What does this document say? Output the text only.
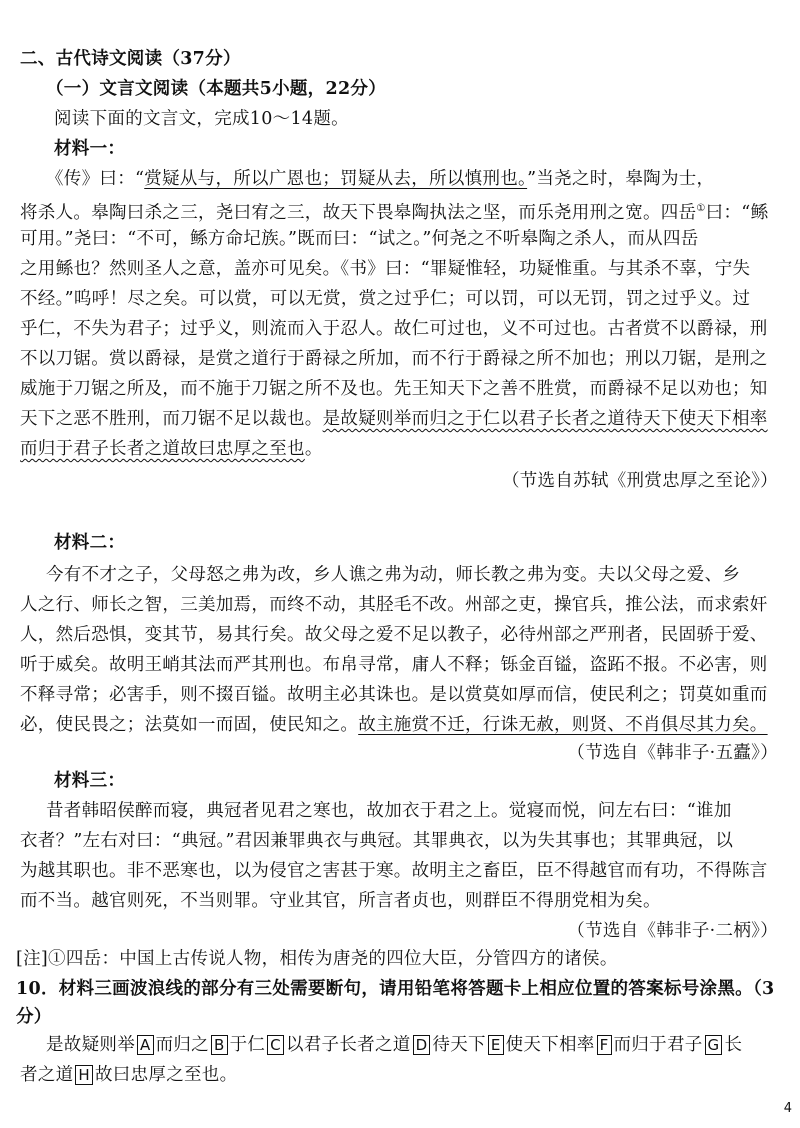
二、古代诗文阅读（37分）
（一）文言文阅读（本题共5小题，22分）
阅读下面的文言文，完成10～14题。
材料一：
《传》曰：“赏疑从与，所以广恩也；罚疑从去，所以慎刑也。”当尧之时，皋陶为士，
将杀人。皋陶曰杀之三，尧曰宥之三，故天下畏皋陶执法之坚，而乐尧用刑之宽。四岳①曰：“鲧
可用。”尧曰：“不可，鲧方命圮族。”既而曰：“试之。”何尧之不听皋陶之杀人，而从四岳
之用鲧也？然则圣人之意，盖亦可见矣。《书》曰：“罪疑惟轻，功疑惟重。与其杀不辜，宁失
不经。”呜呼！尽之矣。可以赏，可以无赏，赏之过乎仁；可以罚，可以无罚，罚之过乎义。过
乎仁，不失为君子；过乎义，则流而入于忍人。故仁可过也，义不可过也。古者赏不以爵禄，刑
不以刀锯。赏以爵禄，是赏之道行于爵禄之所加，而不行于爵禄之所不加也；刑以刀锯，是刑之
威施于刀锯之所及，而不施于刀锯之所不及也。先王知天下之善不胜赏，而爵禄不足以劝也；知
天下之恶不胜刑，而刀锯不足以裁也。是故疑则举而归之于仁以君子长者之道待天下使天下相率
而归于君子长者之道故曰忠厚之至也。
（节选自苏轼《刑赏忠厚之至论》）
材料二：
今有不才之子，父母怒之弗为改，乡人谯之弗为动，师长教之弗为变。夫以父母之爱、乡
人之行、师长之智，三美加焉，而终不动，其胫毛不改。州部之吏，操官兵，推公法，而求索奸
人，然后恐惧，变其节，易其行矣。故父母之爱不足以教子，必待州部之严刑者，民固骄于爱、
听于威矣。故明王峭其法而严其刑也。布帛寻常，庸人不释；铄金百镒，盗跖不报。不必害，则
不释寻常；必害手，则不掇百镒。故明主必其诛也。是以赏莫如厚而信，使民利之；罚莫如重而
必，使民畏之；法莫如一而固，使民知之。故主施赏不迁，行诛无赦，则贤、不肖俱尽其力矣。
（节选自《韩非子·五蠹》）
材料三：
昔者韩昭侯醉而寝，典冠者见君之寒也，故加衣于君之上。觉寝而悦，问左右曰：“谁加
衣者？”左右对曰：“典冠。”君因兼罪典衣与典冠。其罪典衣，以为失其事也；其罪典冠，以
为越其职也。非不恶寒也，以为侵官之害甚于寒。故明主之畜臣，臣不得越官而有功，不得陈言
而不当。越官则死，不当则罪。守业其官，所言者贞也，则群臣不得朋党相为矣。
（节选自《韩非子·二柄》）
[注]①四岳：中国上古传说人物，相传为唐尧的四位大臣，分管四方的诸侯。
10．材料三画波浪线的部分有三处需要断句，请用铅笔将答题卡上相应位置的答案标号涂黑。（3
分）
是故疑则举 A 而归之 B 于仁 C 以君子长者之道 D 待天下 E 使天下相率 F 而归于君子 G 长
者之道 H 故曰忠厚之至也。
4
